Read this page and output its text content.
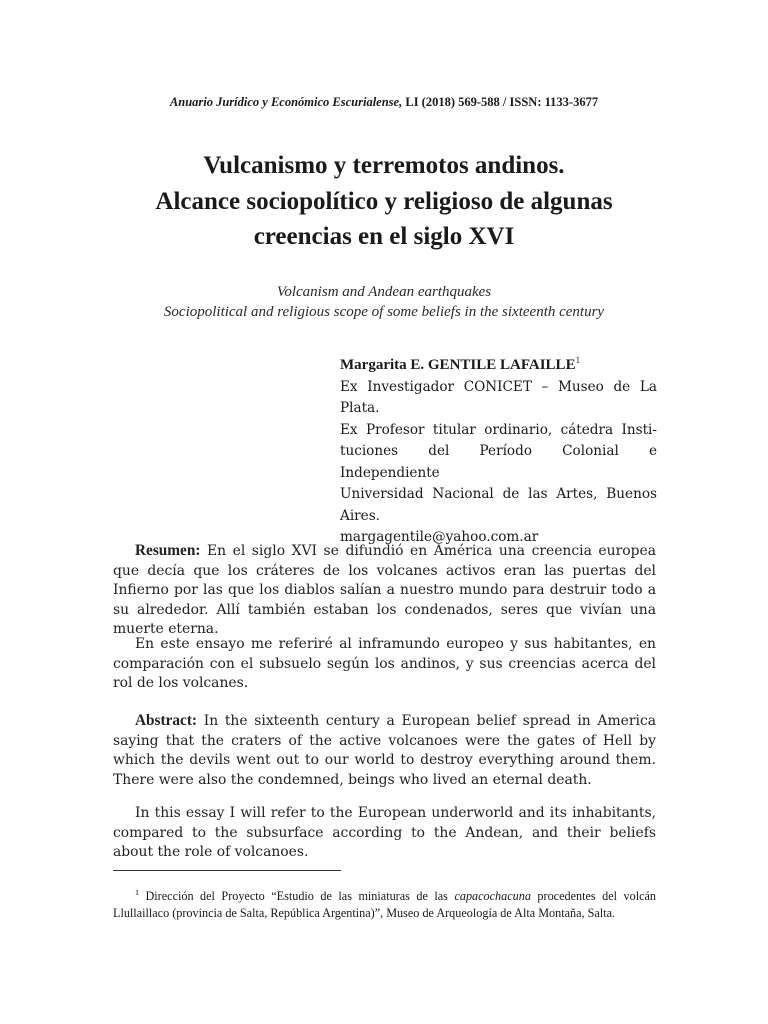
Anuario Jurídico y Económico Escurialense, LI (2018) 569-588 / ISSN: 1133-3677
Vulcanismo y terremotos andinos.
Alcance sociopolítico y religioso de algunas
creencias en el siglo XVI
Volcanism and Andean earthquakes
Sociopolitical and religious scope of some beliefs in the sixteenth century
Margarita E. GENTILE LAFAILLE$^1$
Ex Investigador CONICET – Museo de La
Plata.
Ex Profesor titular ordinario, cátedra Insti-
tuciones del Período Colonial e Independiente
Universidad Nacional de las Artes, Buenos
Aires.
margagentile@yahoo.com.ar
Resumen: En el siglo XVI se difundió en América una creencia europea que decía que los cráteres de los volcanes activos eran las puertas del Infierno por las que los diablos salían a nuestro mundo para destruir todo a su alrededor. Allí también estaban los condenados, seres que vivían una muerte eterna.
En este ensayo me referiré al inframundo europeo y sus habitantes, en comparación con el subsuelo según los andinos, y sus creencias acerca del rol de los volcanes.
Abstract: In the sixteenth century a European belief spread in America saying that the craters of the active volcanoes were the gates of Hell by which the devils went out to our world to destroy everything around them. There were also the condemned, beings who lived an eternal death.
In this essay I will refer to the European underworld and its inhabitants, compared to the subsurface according to the Andean, and their beliefs about the role of volcanoes.
$^1$ Dirección del Proyecto “Estudio de las miniaturas de las capacochacuna procedentes del volcán Llullaillaco (provincia de Salta, República Argentina)”, Museo de Arqueología de Alta Montaña, Salta.
